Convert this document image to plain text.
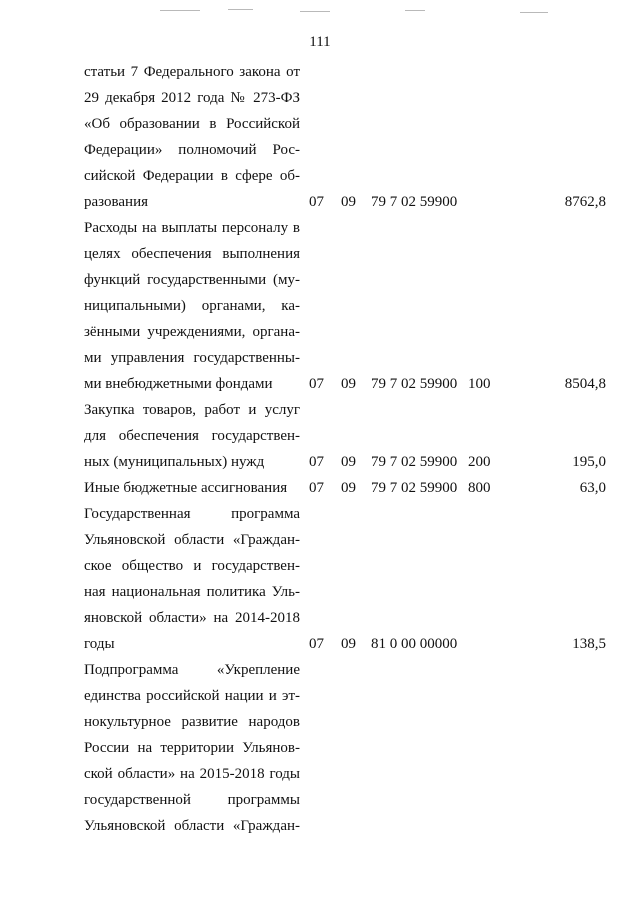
111
статьи 7 Федерального закона от
29 декабря 2012 года № 273-ФЗ
«Об образовании в Российской
Федерации» полномочий Рос-
сийской Федерации в сфере об-
разования	07 09 79 7 02 59900	8762,8
Расходы на выплаты персоналу в
целях обеспечения выполнения
функций государственными (му-
ниципальными) органами, ка-
зёнными учреждениями, органа-
ми управления государственны-
ми внебюджетными фондами	07 09 79 7 02 59900 100	8504,8
Закупка товаров, работ и услуг
для обеспечения государствен-
ных (муниципальных) нужд	07 09 79 7 02 59900 200	195,0
Иные бюджетные ассигнования	07 09 79 7 02 59900 800	63,0
Государственная программа
Ульяновской области «Граждан-
ское общество и государствен-
ная национальная политика Уль-
яновской области» на 2014-2018
годы	07 09 81 0 00 00000	138,5
Подпрограмма «Укрепление
единства российской нации и эт-
нокультурное развитие народов
России на территории Ульянов-
ской области» на 2015-2018 годы
государственной программы
Ульяновской области «Граждан-
